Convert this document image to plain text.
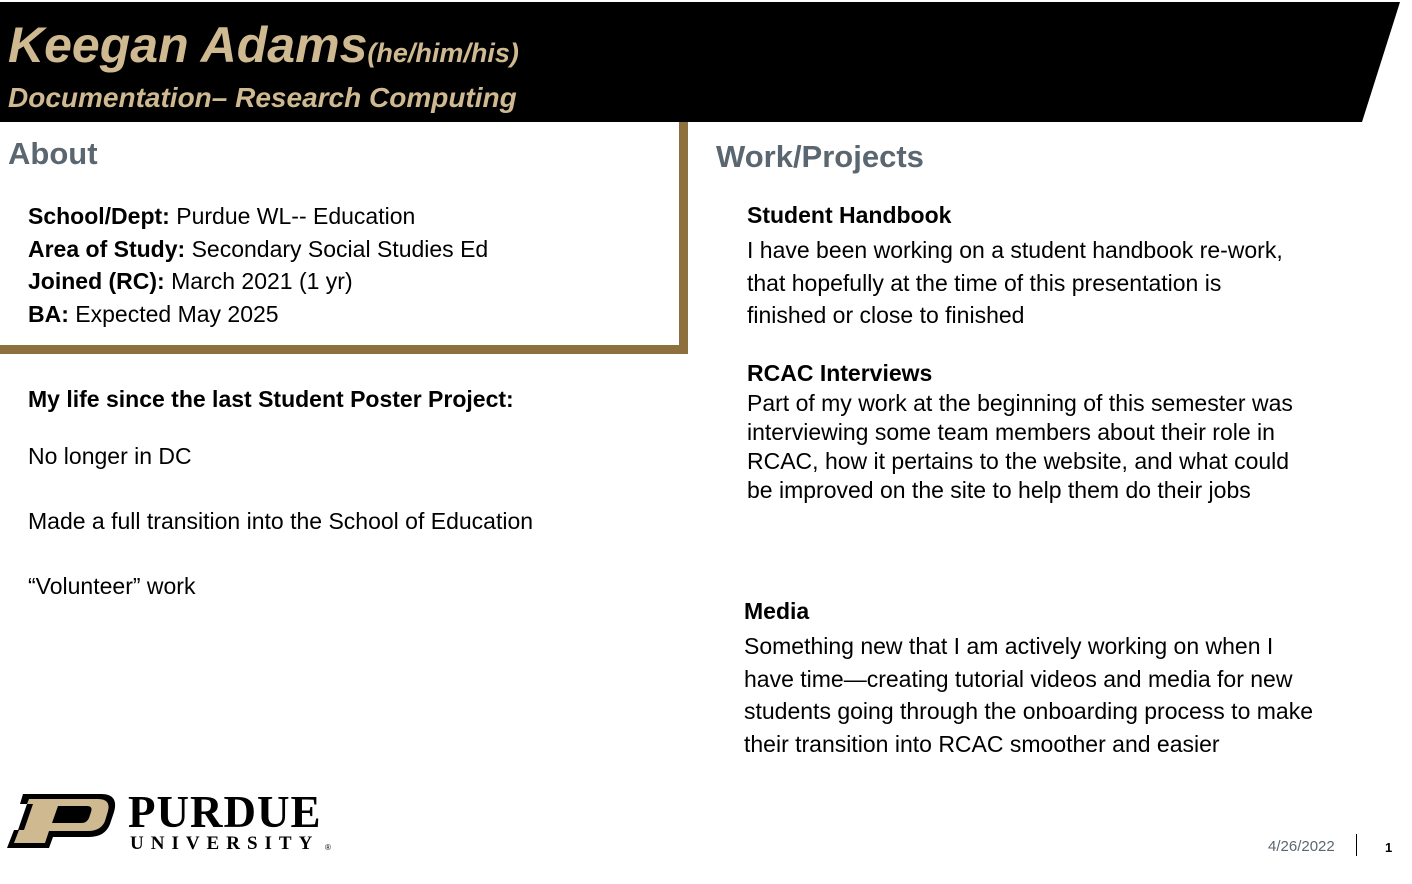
Keegan Adams(he/him/his)
Documentation– Research Computing
About
School/Dept: Purdue WL-- Education
Area of Study: Secondary Social Studies Ed
Joined (RC): March 2021 (1 yr)
BA: Expected May 2025
My life since the last Student Poster Project:
No longer in DC
Made a full transition into the School of Education
“Volunteer” work
Work/Projects
Student Handbook
I have been working on a student handbook re-work,
that hopefully at the time of this presentation is
finished or close to finished
RCAC Interviews
Part of my work at the beginning of this semester was
interviewing some team members about their role in
RCAC, how it pertains to the website, and what could
be improved on the site to help them do their jobs
Media
Something new that I am actively working on when I
have time—creating tutorial videos and media for new
students going through the onboarding process to make
their transition into RCAC smoother and easier
PURDUE
UNIVERSITY ®	4/26/2022	1
